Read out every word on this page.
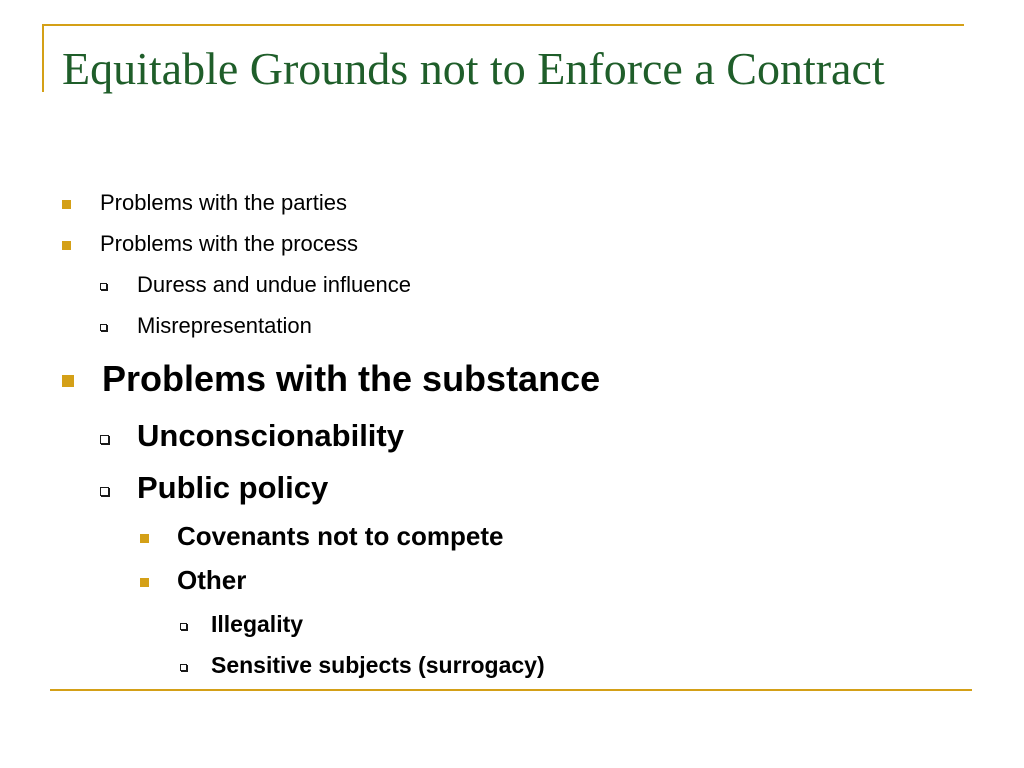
Equitable Grounds not to Enforce a Contract
Problems with the parties
Problems with the process
Duress and undue influence
Misrepresentation
Problems with the substance
Unconscionability
Public policy
Covenants not to compete
Other
Illegality
Sensitive subjects (surrogacy)
